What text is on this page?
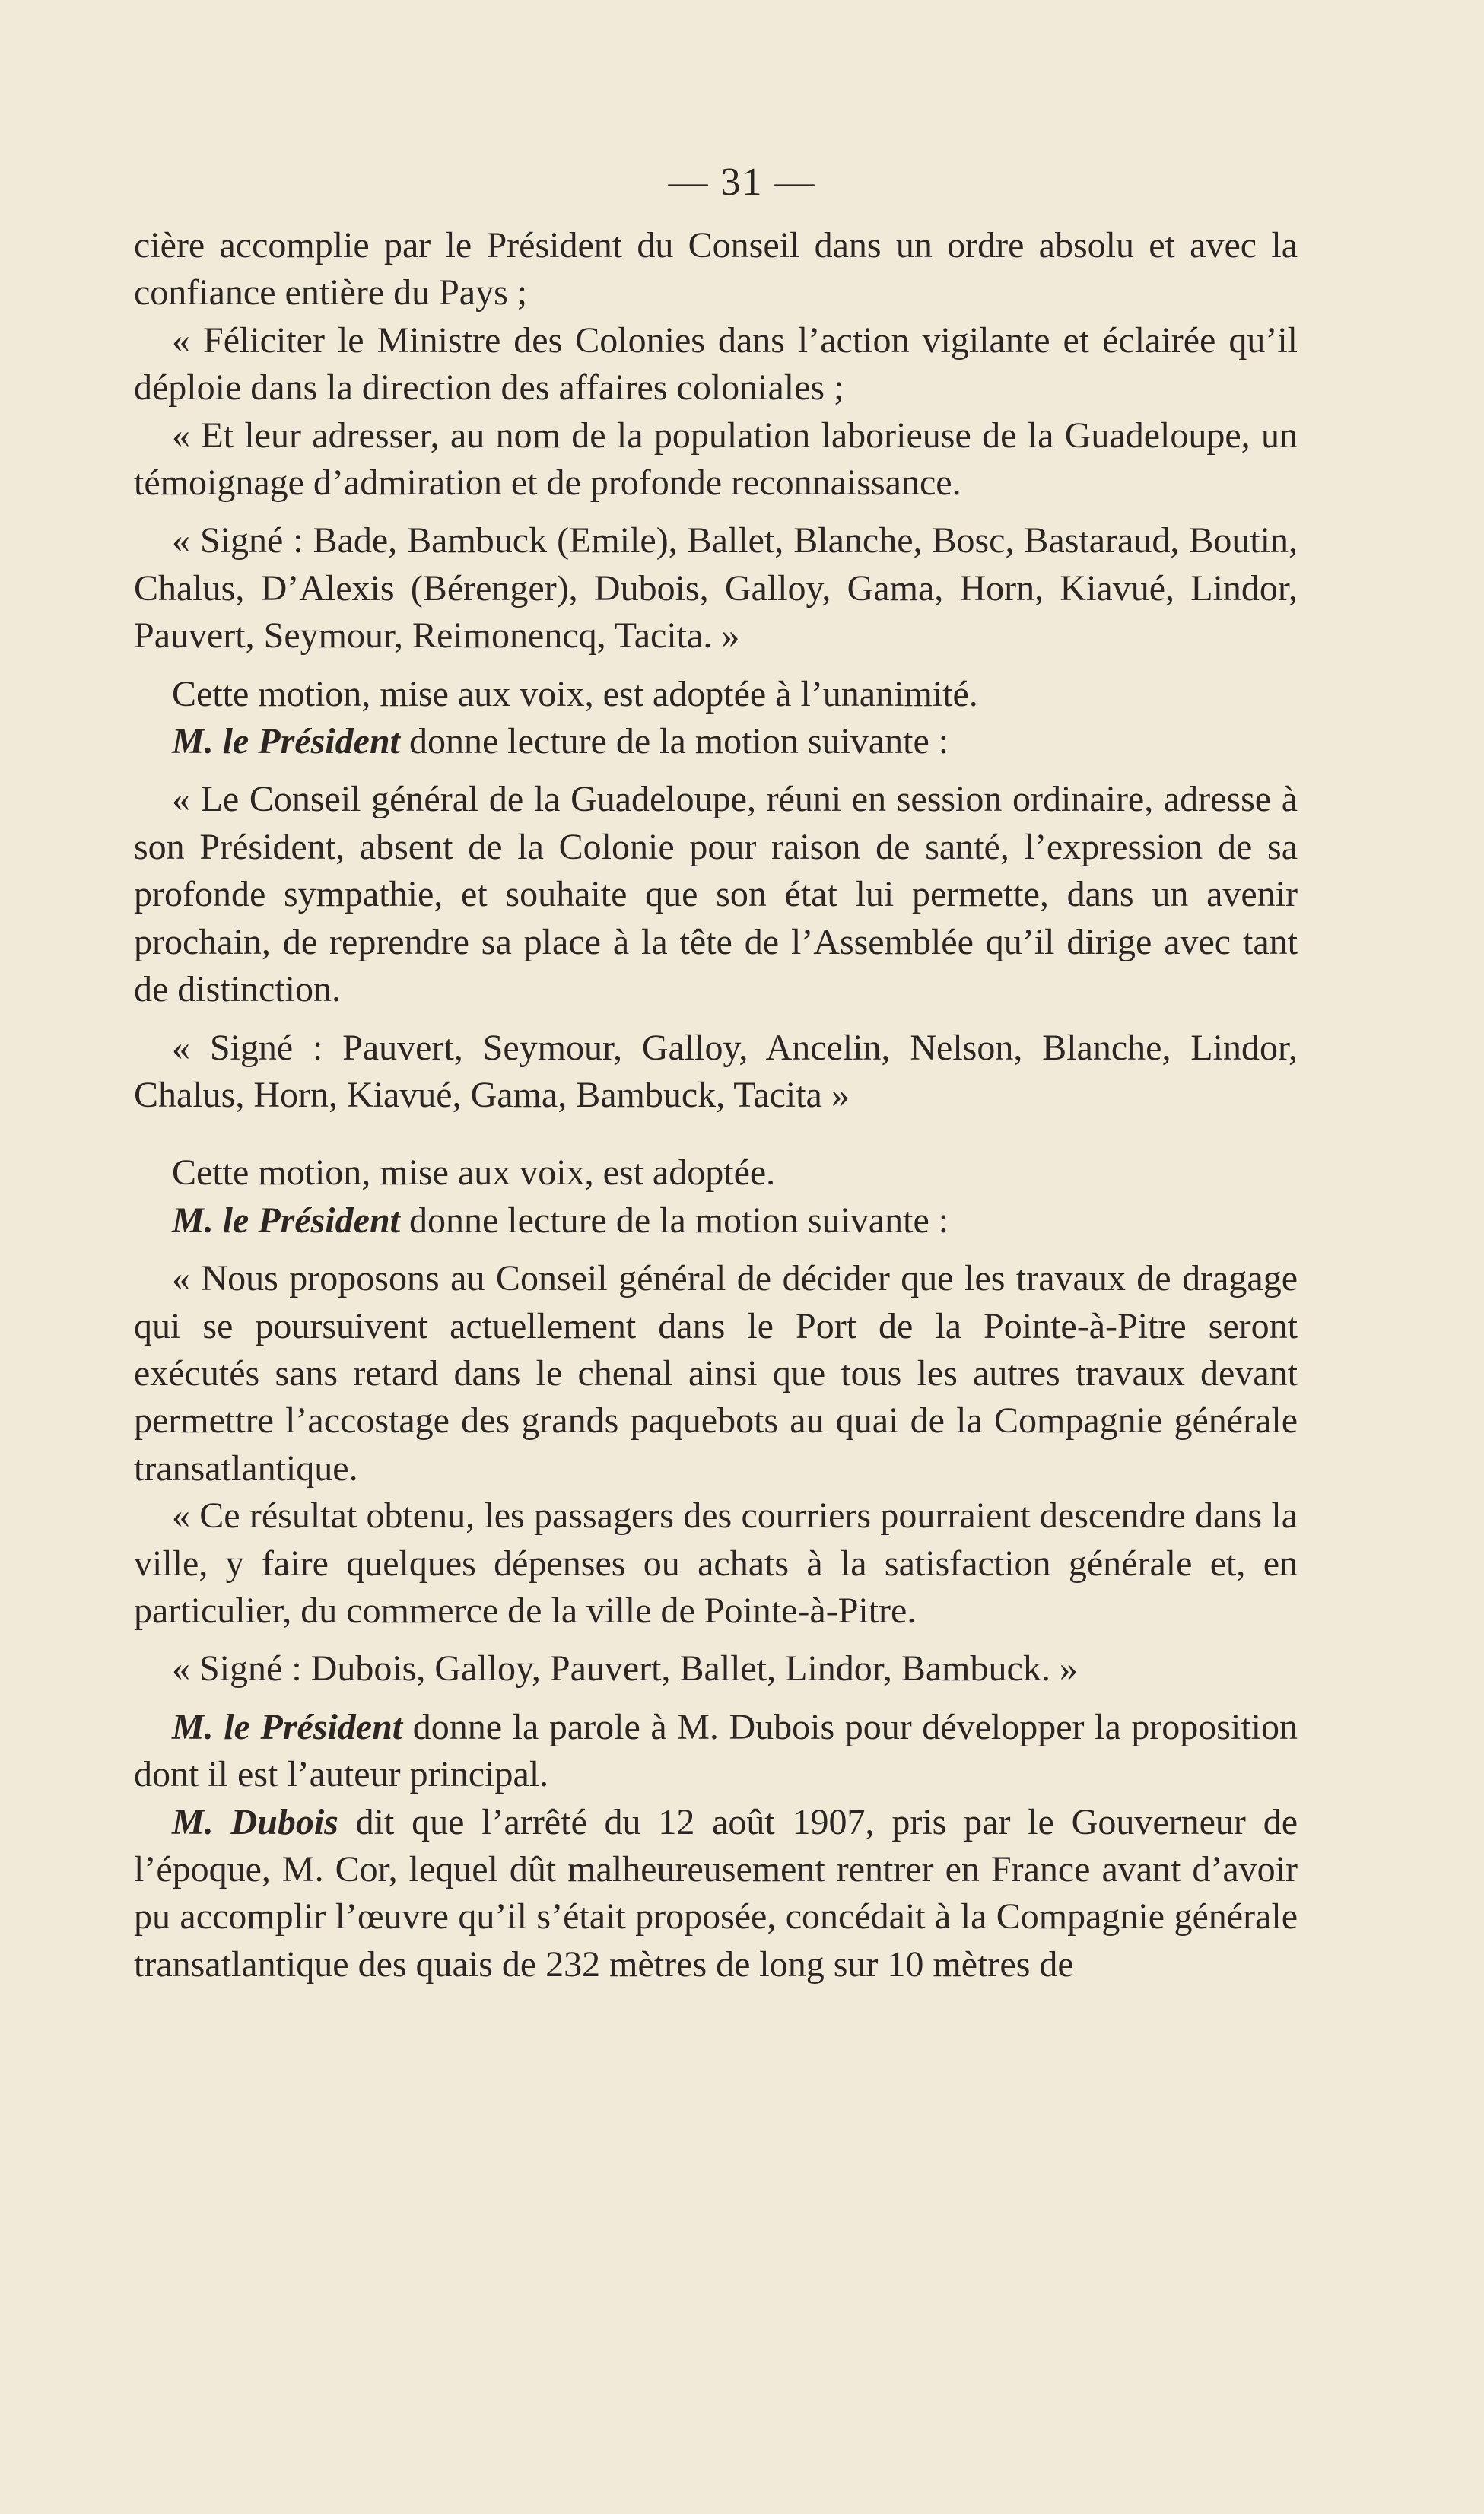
— 31 —

cière accomplie par le Président du Conseil dans un ordre absolu et avec la confiance entière du Pays ;

« Féliciter le Ministre des Colonies dans l’action vigilante et éclairée qu’il déploie dans la direction des affaires coloniales ;

« Et leur adresser, au nom de la population laborieuse de la Guadeloupe, un témoignage d’admiration et de profonde reconnaissance.

« Signé : Bade, Bambuck (Emile), Ballet, Blanche, Bosc, Bastaraud, Boutin, Chalus, D’Alexis (Bérenger), Dubois, Galloy, Gama, Horn, Kiavué, Lindor, Pauvert, Seymour, Reimonencq, Tacita. »

Cette motion, mise aux voix, est adoptée à l’unanimité.

M. le Président donne lecture de la motion suivante :

« Le Conseil général de la Guadeloupe, réuni en session ordinaire, adresse à son Président, absent de la Colonie pour raison de santé, l’expression de sa profonde sympathie, et souhaite que son état lui permette, dans un avenir prochain, de reprendre sa place à la tête de l’Assemblée qu’il dirige avec tant de distinction.

« Signé : Pauvert, Seymour, Galloy, Ancelin, Nelson, Blanche, Lindor, Chalus, Horn, Kiavué, Gama, Bambuck, Tacita »

Cette motion, mise aux voix, est adoptée.

M. le Président donne lecture de la motion suivante :

« Nous proposons au Conseil général de décider que les travaux de dragage qui se poursuivent actuellement dans le Port de la Pointe-à-Pitre seront exécutés sans retard dans le chenal ainsi que tous les autres travaux devant permettre l’accostage des grands paquebots au quai de la Compagnie générale transatlantique.

« Ce résultat obtenu, les passagers des courriers pourraient descendre dans la ville, y faire quelques dépenses ou achats à la satisfaction générale et, en particulier, du commerce de la ville de Pointe-à-Pitre.

« Signé : Dubois, Galloy, Pauvert, Ballet, Lindor, Bambuck. »

M. le Président donne la parole à M. Dubois pour développer la proposition dont il est l’auteur principal.

M. Dubois dit que l’arrêté du 12 août 1907, pris par le Gouverneur de l’époque, M. Cor, lequel dût malheureusement rentrer en France avant d’avoir pu accomplir l’œuvre qu’il s’était proposée, concédait à la Compagnie générale transatlantique des quais de 232 mètres de long sur 10 mètres de
